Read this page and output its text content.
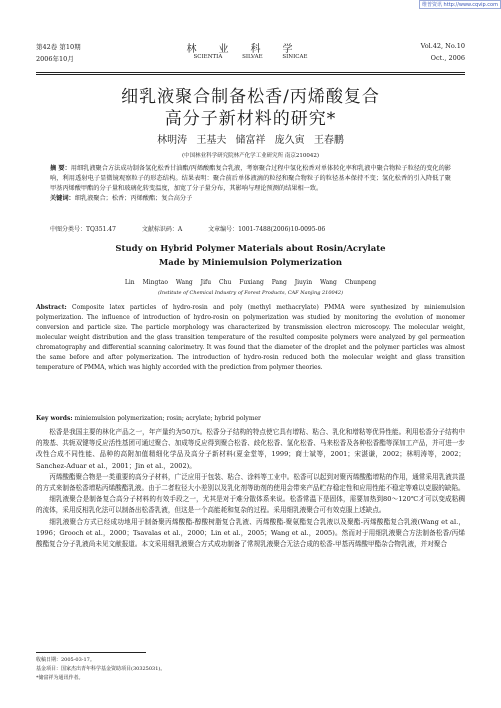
维普资讯 http://www.cqvip.com
第42卷 第10期
2006年10月
林业科学
SCIENTIA SILVAE SINICAE
Vol.42, No.10
Oct., 2006
细乳液聚合制备松香/丙烯酸复合
高分子新材料的研究*
林明涛 王基夫 储富祥 庞久寅 王春鹏
(中国林业科学研究院林产化学工业研究所 南京210042)
摘 要：用细乳液聚合方法成功制备氢化松香甘油酯/丙烯酸酯复合乳液，考察聚合过程中氢化松香对单体转化率和乳液中聚合物粒子粒径的变化的影响，利用透射电子显微镜观察粒子的形态结构。结果表明：聚合前后单体液滴的粒径和聚合物粒子的粒径基本保持不变；氢化松香的引入降低了聚甲基丙烯酸甲酯的分子量和玻璃化转变温度，加宽了分子量分布，其影响与理论预测的结果相一致。
关键词：细乳液聚合；松香；丙烯酸酯；复合高分子
中图分类号：TQ351.47	文献标识码：A	文章编号：1001-7488(2006)10-0095-06
Study on Hybrid Polymer Materials about Rosin/Acrylate
Made by Miniemulsion Polymerization
Lin Mingtao Wang Jifu Chu Fuxiang Pang Jiuyin Wang Chunpeng
(Institute of Chemical Industry of Forest Products, CAF Nanjing 210042)
Abstract: Composite latex particles of hydro-rosin and poly (methyl methacrylate) PMMA were synthesized by miniemulsion polymerization. The influence of introduction of hydro-rosin on polymerization was studied by monitoring the evolution of monomer conversion and particle size. The particle morphology was characterized by transmission electron microscopy. The molecular weight, molecular weight distribution and the glass transition temperature of the resulted composite polymers were analyzed by gel permeation chromatography and differential scanning calorimetry. It was found that the diameter of the droplet and the polymer particles was almost the same before and after polymerization. The introduction of hydro-rosin reduced both the molecular weight and glass transition temperature of PMMA, which was highly accorded with the prediction from polymer theories.
Key words: miniemulsion polymerization; rosin; acrylate; hybrid polymer

松香是我国主要的林化产品之一，年产量约为50万t。松香分子结构的特点使它具有增粘、粘合、乳化和增粘等优异性能。利用松香分子结构中的羧基、共轭双键等反应活性基团可通过聚合、加成等反应得到聚合松香、歧化松香、氢化松香、马来松香及各种松香酯等深加工产品，并可进一步改性合成不同性能、品种的高附加值精细化学品及高分子新材料(夏金堂等，1999；商士斌等，2001；宋湛谦，2002；林明涛等，2002；Sanchez-Aduar et al.，2001；Jin et al.，2002)。

丙烯酸酯聚合物是一类重要的高分子材料，广泛应用于包装、粘合、涂料等工业中。松香可以起到对聚丙烯酸酯增粘的作用，通常采用乳液共混的方式来制备松香增粘丙烯酸酯乳液。由于二者粒径大小差别以及乳化剂等助剂的使用会带来产品贮存稳定性和应用性能不稳定等难以克服的缺陷。

细乳液聚合是制备复合高分子材料的有效手段之一，尤其是对于难分散体系来说。松香常温下是固体，需要加热到80～120℃才可以变成粘稠的流体，采用反相乳化法可以制备出松香乳液，但这是一个高能耗和复杂的过程。采用细乳液聚合可有效克服上述缺点。

细乳液聚合方式已经成功地用于制备聚丙烯酸酯-醇酸树脂复合乳液、丙烯酸酯-聚氨酯复合乳液以及聚酯-丙烯酸酯复合乳液(Wang et al.，1996；Grooch et al.，2000；Tsavalas et al.，2000；Lin et al.，2005；Wang et al.，2005)。然而对于用细乳液聚合方法制备松香/丙烯酸酯复合分子乳液尚未见文献报道。本文采用细乳液聚合方式成功制备了常规乳液聚合无法合成的松香-甲基丙烯酸甲酯杂合物乳液，并对聚合

收稿日期：2005-03-17。
基金项目：国家杰出青年科学基金资助项目(30325031)。
*储富祥为通讯作者。
